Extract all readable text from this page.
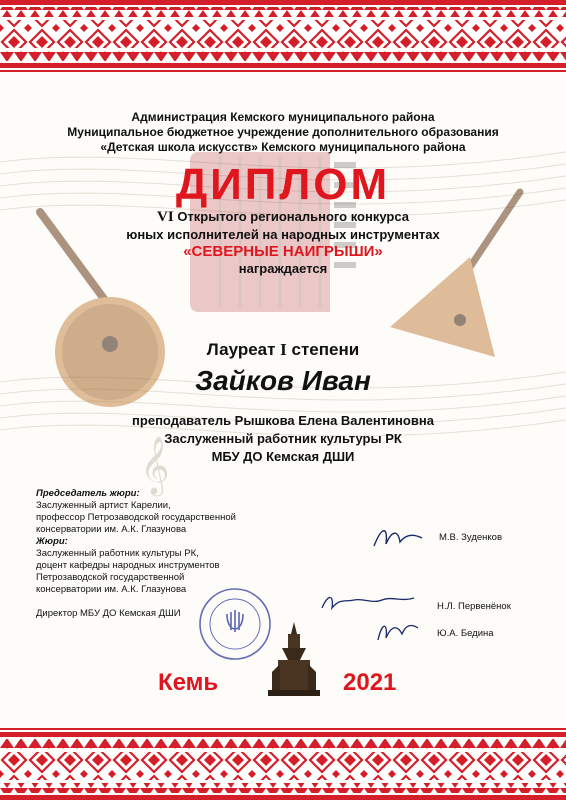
𝄞
Администрация Кемского муниципального района
Муниципальное бюджетное учреждение дополнительного образования
«Детская школа искусств» Кемского муниципального района
ДИПЛОМ
VI Открытого регионального конкурса
юных исполнителей на народных инструментах
«СЕВЕРНЫЕ НАИГРЫШИ»
награждается
Лауреат I степени
Зайков Иван
преподаватель Рышкова Елена Валентиновна
Заслуженный работник культуры РК
МБУ ДО Кемская ДШИ
Председатель жюри:
Заслуженный артист Карелии,
профессор Петрозаводской государственной
консерватории им. А.К. Глазунова
Жюри:
Заслуженный работник культуры РК,
доцент кафедры народных инструментов
Петрозаводской государственной
консерватории им. А.К. Глазунова
Директор МБУ ДО Кемская ДШИ
М.В. Зуденков
Н.Л. Первенёнок
Ю.А. Бедина
Кемь	2021
